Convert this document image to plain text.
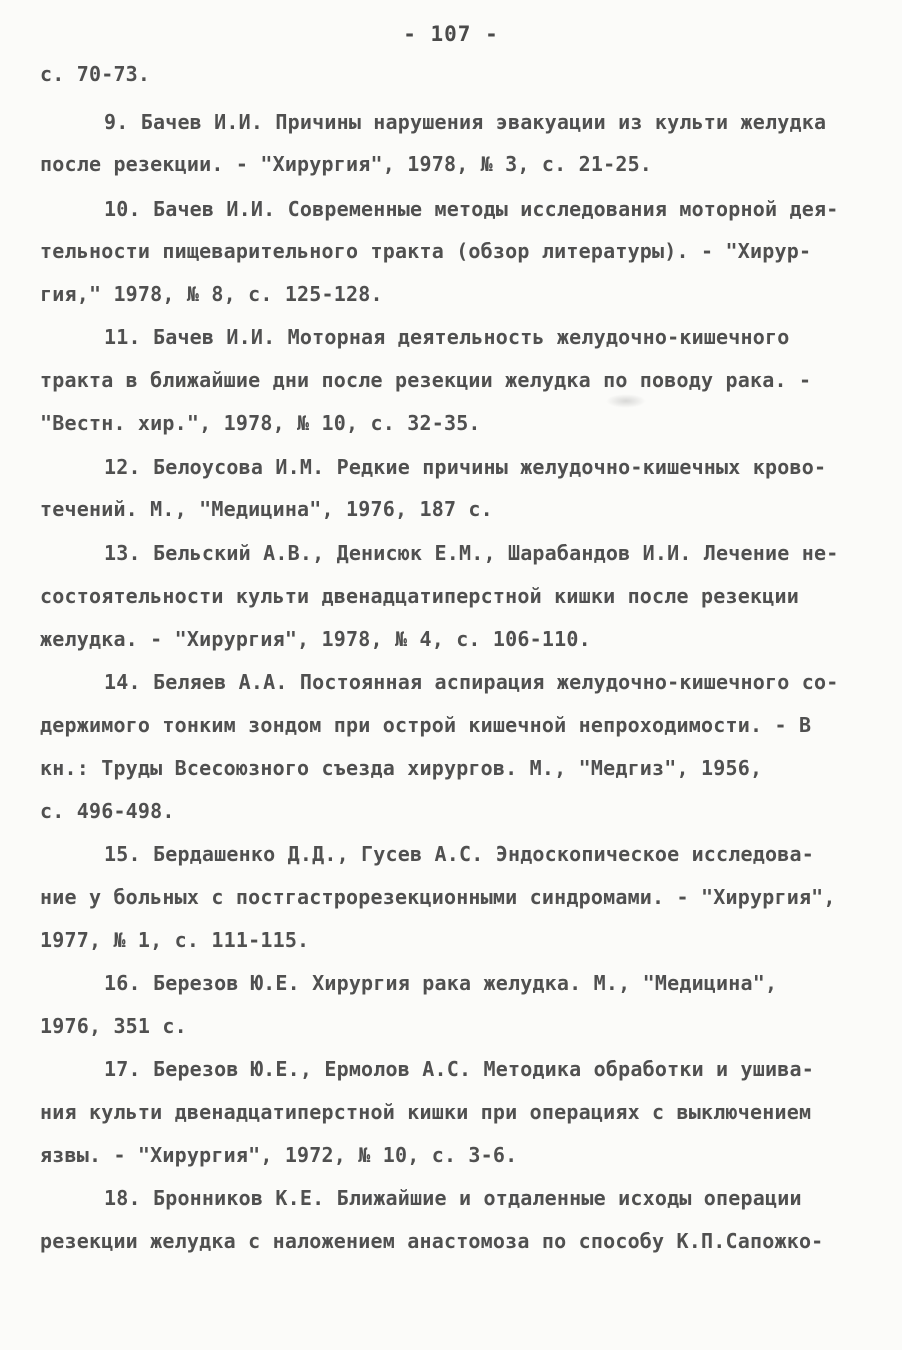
- 107 -
с. 70-73.
9. Бачев И.И. Причины нарушения эвакуации из культи желудка
после резекции. - "Хирургия", 1978, № 3, с. 21-25.
10. Бачев И.И. Современные методы исследования моторной дея-
тельности пищеварительного тракта (обзор литературы). - "Хирур-
гия," 1978, № 8, с. 125-128.
11. Бачев И.И. Моторная деятельность желудочно-кишечного
тракта в ближайшие дни после резекции желудка по поводу рака. -
"Вестн. хир.", 1978, № 10, с. 32-35.
12. Белоусова И.М. Редкие причины желудочно-кишечных крово-
течений. М., "Медицина", 1976, 187 с.
13. Бельский А.В., Денисюк Е.М., Шарабандов И.И. Лечение не-
состоятельности культи двенадцатиперстной кишки после резекции
желудка. - "Хирургия", 1978, № 4, с. 106-110.
14. Беляев А.А. Постоянная аспирация желудочно-кишечного со-
держимого тонким зондом при острой кишечной непроходимости. - В
кн.: Труды Всесоюзного съезда хирургов. М., "Медгиз", 1956,
с. 496-498.
15. Бердашенко Д.Д., Гусев А.С. Эндоскопическое исследова-
ние у больных с постгастрорезекционными синдромами. - "Хирургия",
1977, № 1, с. 111-115.
16. Березов Ю.Е. Хирургия рака желудка. М., "Медицина",
1976, 351 с.
17. Березов Ю.Е., Ермолов А.С. Методика обработки и ушива-
ния культи двенадцатиперстной кишки при операциях с выключением
язвы. - "Хирургия", 1972, № 10, с. 3-6.
18. Бронников К.Е. Ближайшие и отдаленные исходы операции
резекции желудка с наложением анастомоза по способу К.П.Сапожко-
